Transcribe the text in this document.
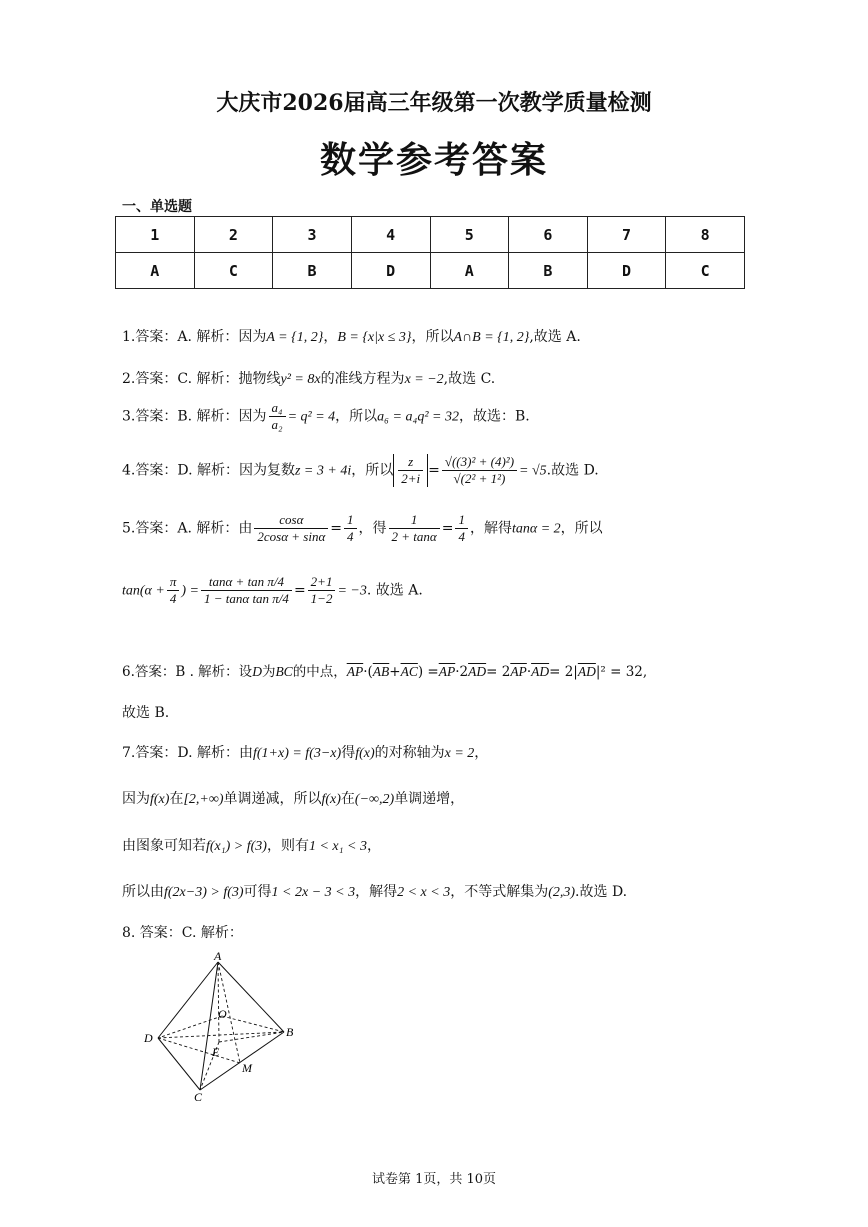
大庆市2026届高三年级第一次教学质量检测
数学参考答案
一、单选题
1	2	3	4	5	6	7	8
A	C	B	D	A	B	D	C
1.答案：A. 解析：因为A = {1, 2}，B = {x|x ≤ 3}，所以A∩B = {1, 2},故选 A.
2.答案：C. 解析：抛物线y² = 8x的准线方程为x = −2,故选 C.
3.答案：B. 解析：因为 $\frac{\text{a₄}}{\text{a₂}} = q^2 = 4$，所以a₆ = a₄q² = 32，故选：B.
4.答案：D. 解析：因为复数z = 3 + 4i，所以 $\frac{z}{2+i} = \frac{\text{√((3)² + (4)²)}}{\text{√(2² + 1²)}} = √5$.故选 D.
5.答案：A. 解析：由 $\frac{\cos\alpha}{2\cos\alpha + \sin\alpha} = \frac{1}{4}$ ，得 $\frac{1}{2 + \tan\alpha} = \frac{1}{4}$ ，解得tanα = 2，所以
$\tan(\alpha + \frac{\pi}{4}$ ) = $\frac{\text{tanα + tan π/4}}{\text{1 − tanα tan π/4}} = \frac{2+1}{1-2} = -3$. 故选 A.
6.答案：B . 解析：设D为BC的中点，$\overline{AP}\cdot(\overline{AB}+\overline{AC}) =\overline{AP}\cdot 2\overline{AD}= 2\overline{AP}\cdot\overline{AD}= 2|\overline{AD}|^2 = 32$,
故选 B.
7.答案：D. 解析：由f(1+x) = f(3−x)得f(x)的对称轴为x = 2，
因为f(x)在[2,+∞)单调递减，所以f(x)在(−∞,2)单调递增，
由图象可知若f(x₁) > f(3)，则有1 < x₁ < 3，
所以由f(2x−3) > f(3)可得1 < 2x − 3 < 3，解得2 < x < 3，不等式解集为(2,3).故选 D.
8. 答案：C. 解析：
A
B
C
D
O
E
M
试卷第 1页，共 10页
